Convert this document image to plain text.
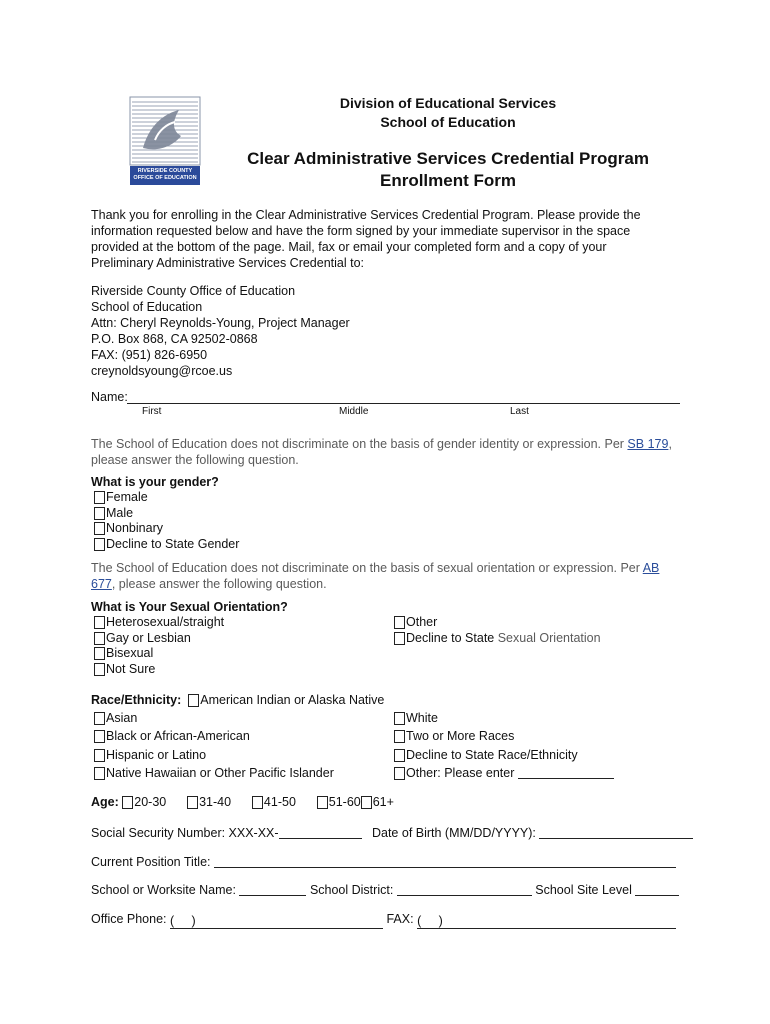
RIVERSIDE COUNTY
OFFICE OF EDUCATION
Division of Educational Services
School of Education
Clear Administrative Services Credential Program
Enrollment Form
Thank you for enrolling in the Clear Administrative Services Credential Program. Please provide the
information requested below and have the form signed by your immediate supervisor in the space
provided at the bottom of the page. Mail, fax or email your completed form and a copy of your
Preliminary Administrative Services Credential to:
Riverside County Office of Education
School of Education
Attn: Cheryl Reynolds-Young, Project Manager
P.O. Box 868, CA 92502-0868
FAX: (951) 826-6950
creynoldsyoung@rcoe.us
Name:
First	Middle	Last
The School of Education does not discriminate on the basis of gender identity or expression. Per SB 179,
please answer the following question.
What is your gender?
Female
Male
Nonbinary
Decline to State Gender
The School of Education does not discriminate on the basis of sexual orientation or expression. Per AB
677, please answer the following question.
What is Your Sexual Orientation?
Heterosexual/straight
Gay or Lesbian
Bisexual
Not Sure
Other
Decline to State Sexual Orientation
Race/Ethnicity: American Indian or Alaska Native
Asian
Black or African-American
Hispanic or Latino
Native Hawaiian or Other Pacific Islander
White
Two or More Races
Decline to State Race/Ethnicity
Other: Please enter
Age: 20-30	31-40	41-50	51-60 61+
Social Security Number: XXX-XX-	Date of Birth (MM/DD/YYYY):
Current Position Title:
School or Worksite Name:	School District:	School Site Level
Office Phone: (     )	FAX: (     )
